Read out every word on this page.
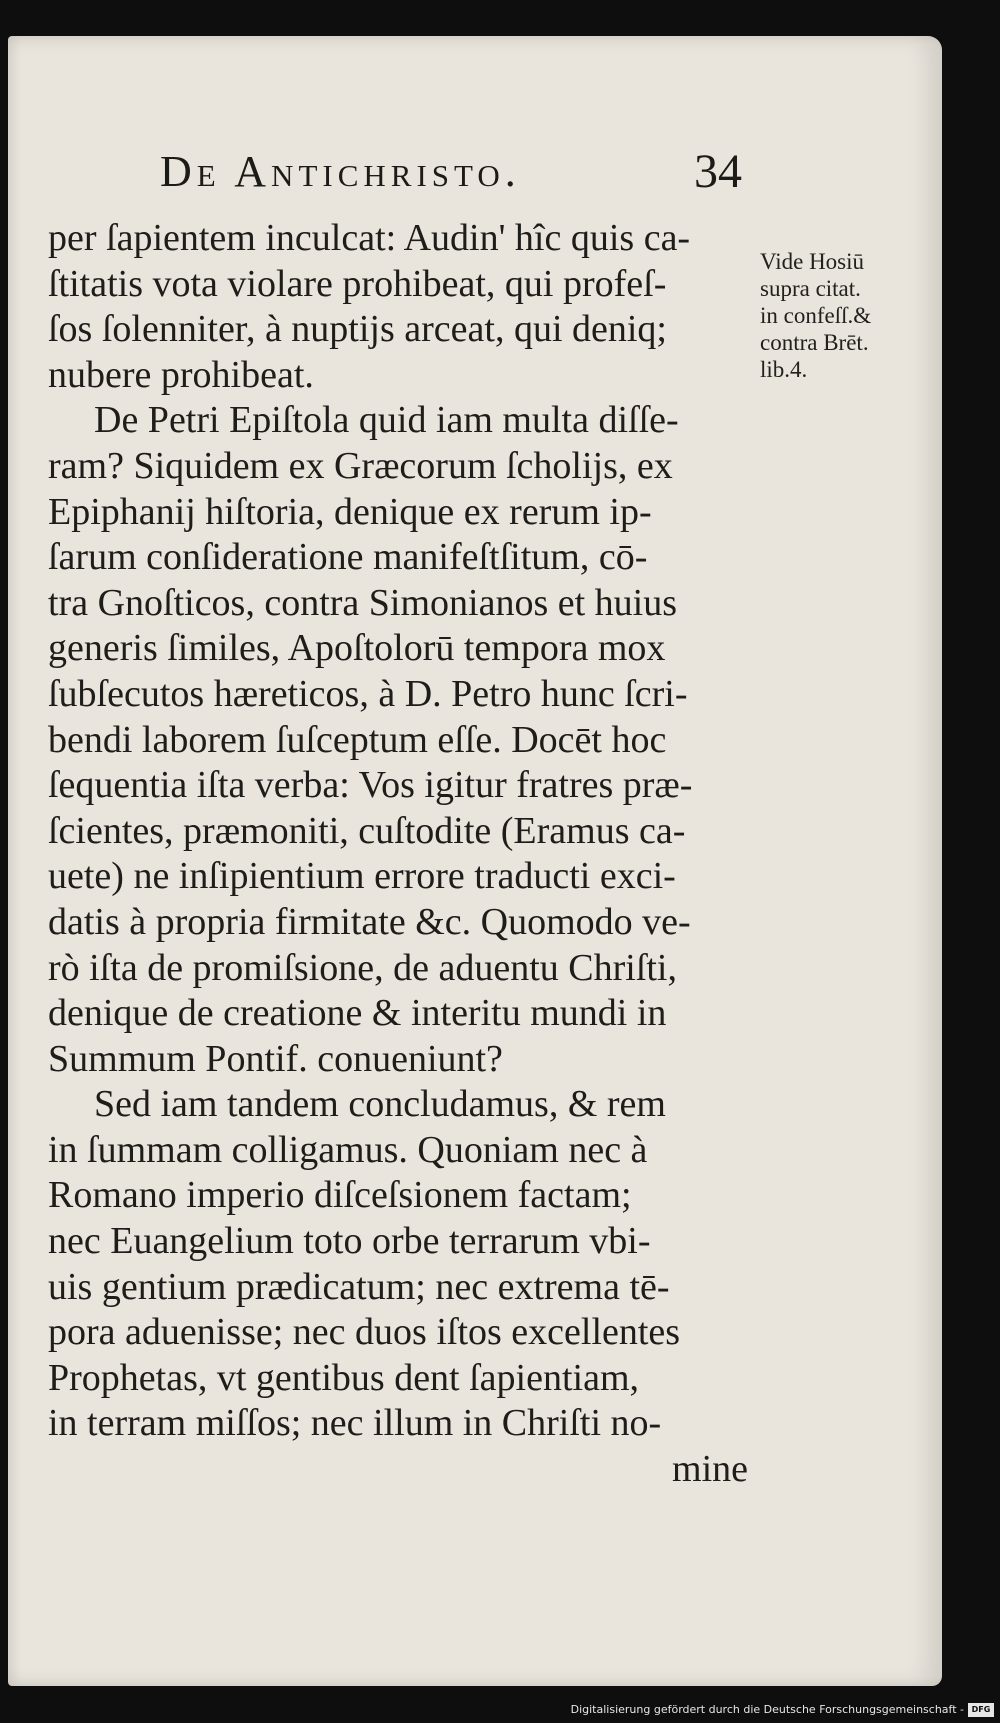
De Antichristo.	34
per ſapientem inculcat: Audin' hîc quis ca-
ſtitatis vota violare prohibeat, qui profeſ-
ſos ſolenniter, à nuptijs arceat, qui deniq;
nubere prohibeat.
De Petri Epiſtola quid iam multa diſſe-
ram? Siquidem ex Græcorum ſcholijs, ex
Epiphanij hiſtoria, denique ex rerum ip-
ſarum conſideratione manifeſtſitum, cō-
tra Gnoſticos, contra Simonianos et huius
generis ſimiles, Apoſtolorū tempora mox
ſubſecutos hæreticos, à D. Petro hunc ſcri-
bendi laborem ſuſceptum eſſe. Docēt hoc
ſequentia iſta verba: Vos igitur fratres præ-
ſcientes, præmoniti, cuſtodite (Eramus ca-
uete) ne inſipientium errore traducti exci-
datis à propria firmitate &c. Quomodo ve-
rò iſta de promiſsione, de aduentu Chriſti,
denique de creatione & interitu mundi in
Summum Pontif. conueniunt?
Sed iam tandem concludamus, & rem
in ſummam colligamus. Quoniam nec à
Romano imperio diſceſsionem factam;
nec Euangelium toto orbe terrarum vbi-
uis gentium prædicatum; nec extrema tē-
pora aduenisse; nec duos iſtos excellentes
Prophetas, vt gentibus dent ſapientiam,
in terram miſſos; nec illum in Chriſti no-
mine
Vide Hosiū
supra citat.
in confeſſ.&
contra Brēt.
lib.4.
Digitalisierung gefördert durch die Deutsche Forschungsgemeinschaft - DFG
